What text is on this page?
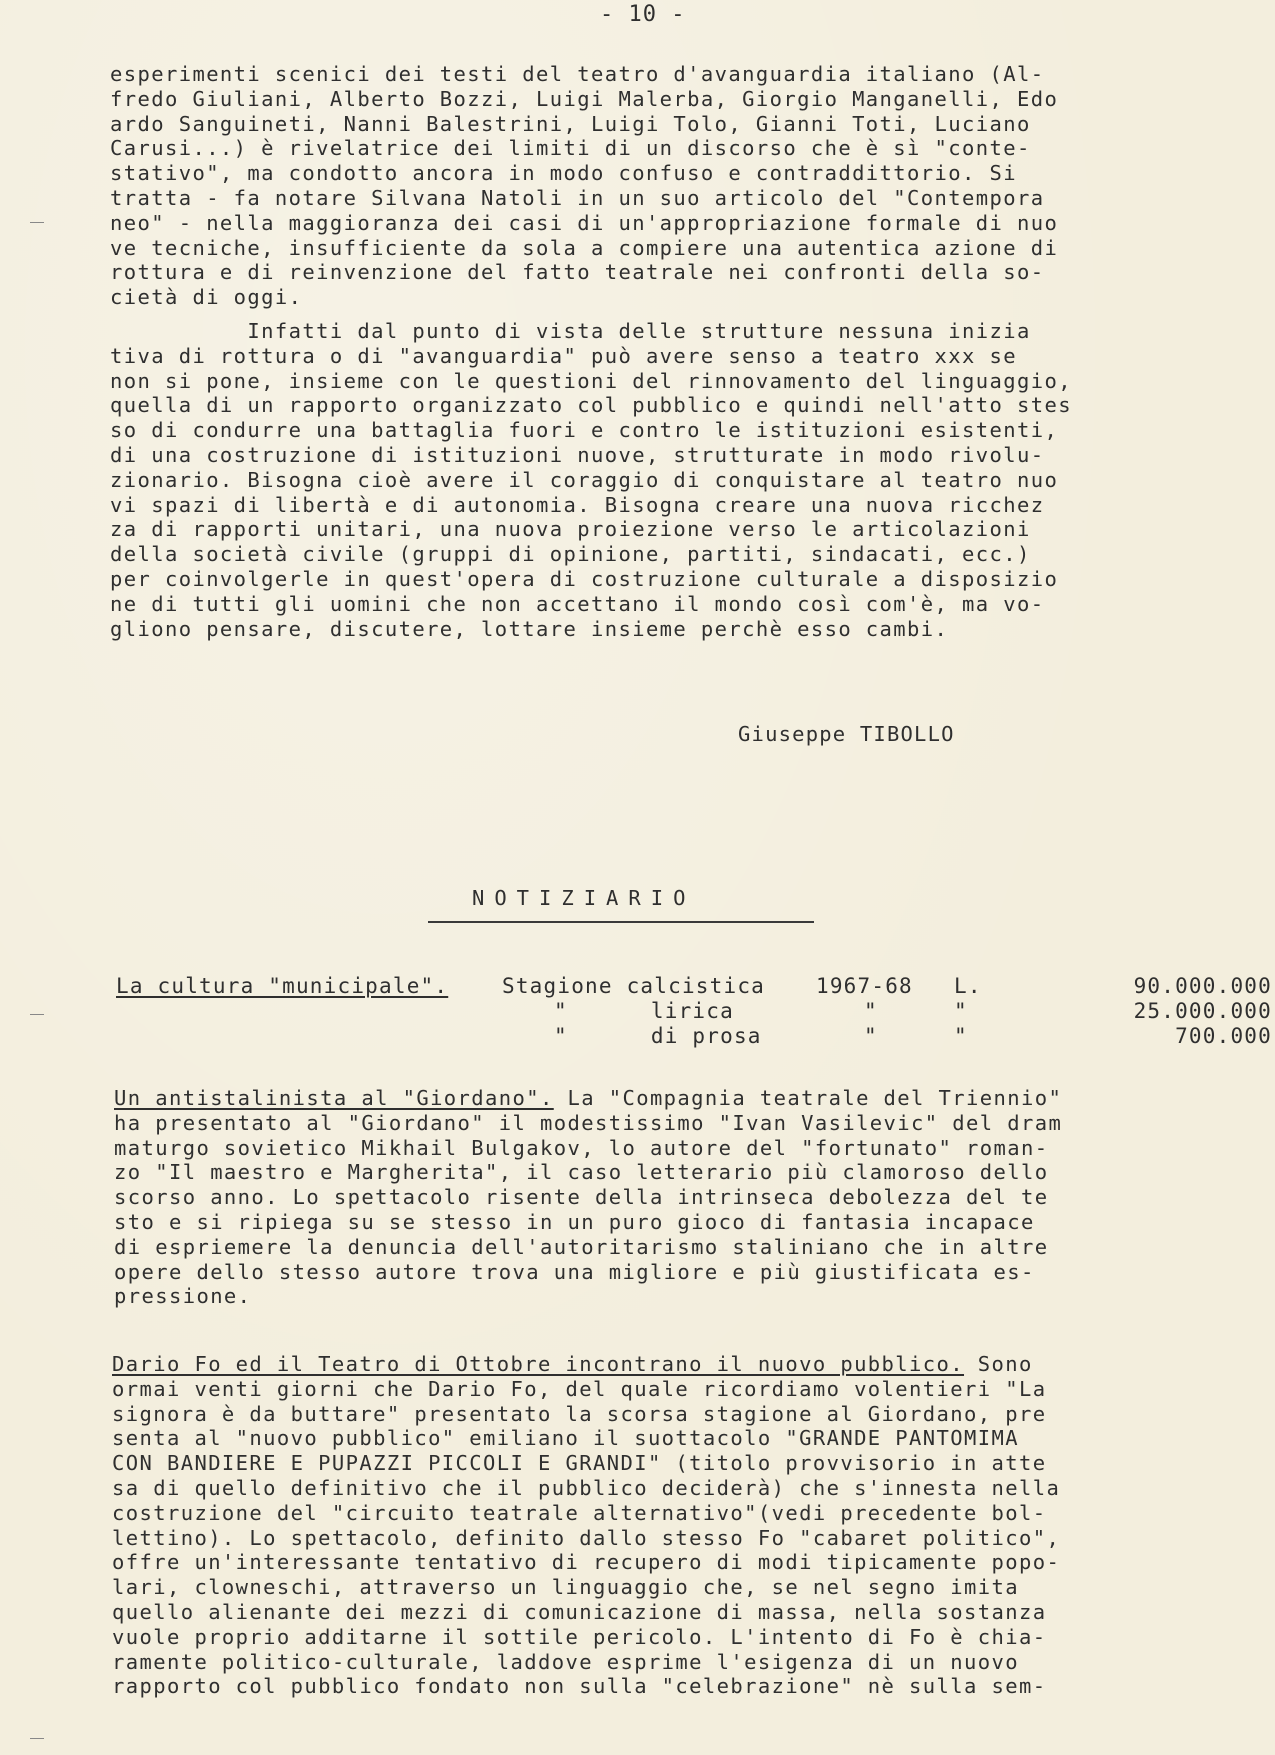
- 10 -
esperimenti scenici dei testi del teatro d'avanguardia italiano (Al-
fredo Giuliani, Alberto Bozzi, Luigi Malerba, Giorgio Manganelli, Edo
ardo Sanguineti, Nanni Balestrini, Luigi Tolo, Gianni Toti, Luciano
Carusi...) è rivelatrice dei limiti di un discorso che è sì "conte-
stativo", ma condotto ancora in modo confuso e contraddittorio. Si
tratta - fa notare Silvana Natoli in un suo articolo del "Contempora
neo" - nella maggioranza dei casi di un'appropriazione formale di nuo
ve tecniche, insufficiente da sola a compiere una autentica azione di
rottura e di reinvenzione del fatto teatrale nei confronti della so-
cietà di oggi.
Infatti dal punto di vista delle strutture nessuna inizia
tiva di rottura o di "avanguardia" può avere senso a teatro xxx se
non si pone, insieme con le questioni del rinnovamento del linguaggio,
quella di un rapporto organizzato col pubblico e quindi nell'atto stes
so di condurre una battaglia fuori e contro le istituzioni esistenti,
di una costruzione di istituzioni nuove, strutturate in modo rivolu-
zionario. Bisogna cioè avere il coraggio di conquistare al teatro nuo
vi spazi di libertà e di autonomia. Bisogna creare una nuova ricchez
za di rapporti unitari, una nuova proiezione verso le articolazioni
della società civile (gruppi di opinione, partiti, sindacati, ecc.)
per coinvolgerle in quest'opera di costruzione culturale a disposizio
ne di tutti gli uomini che non accettano il mondo così com'è, ma vo-
gliono pensare, discutere, lottare insieme perchè esso cambi.
Giuseppe TIBOLLO
NOTIZIARIO
La cultura "municipale".	Stagione calcistica 1967-68 L.	90.000.000
"      lirica	"	"	25.000.000
"      di prosa	"	"	700.000
Un antistalinista al "Giordano". La "Compagnia teatrale del Triennio"
ha presentato al "Giordano" il modestissimo "Ivan Vasilevic" del dram
maturgo sovietico Mikhail Bulgakov, lo autore del "fortunato" roman-
zo "Il maestro e Margherita", il caso letterario più clamoroso dello
scorso anno. Lo spettacolo risente della intrinseca debolezza del te
sto e si ripiega su se stesso in un puro gioco di fantasia incapace
di espriemere la denuncia dell'autoritarismo staliniano che in altre
opere dello stesso autore trova una migliore e più giustificata es-
pressione.
Dario Fo ed il Teatro di Ottobre incontrano il nuovo pubblico. Sono
ormai venti giorni che Dario Fo, del quale ricordiamo volentieri "La
signora è da buttare" presentato la scorsa stagione al Giordano, pre
senta al "nuovo pubblico" emiliano il suottacolo "GRANDE PANTOMIMA
CON BANDIERE E PUPAZZI PICCOLI E GRANDI" (titolo provvisorio in atte
sa di quello definitivo che il pubblico deciderà) che s'innesta nella
costruzione del "circuito teatrale alternativo"(vedi precedente bol-
lettino). Lo spettacolo, definito dallo stesso Fo "cabaret politico",
offre un'interessante tentativo di recupero di modi tipicamente popo-
lari, clowneschi, attraverso un linguaggio che, se nel segno imita
quello alienante dei mezzi di comunicazione di massa, nella sostanza
vuole proprio additarne il sottile pericolo. L'intento di Fo è chia-
ramente politico-culturale, laddove esprime l'esigenza di un nuovo
rapporto col pubblico fondato non sulla "celebrazione" nè sulla sem-
